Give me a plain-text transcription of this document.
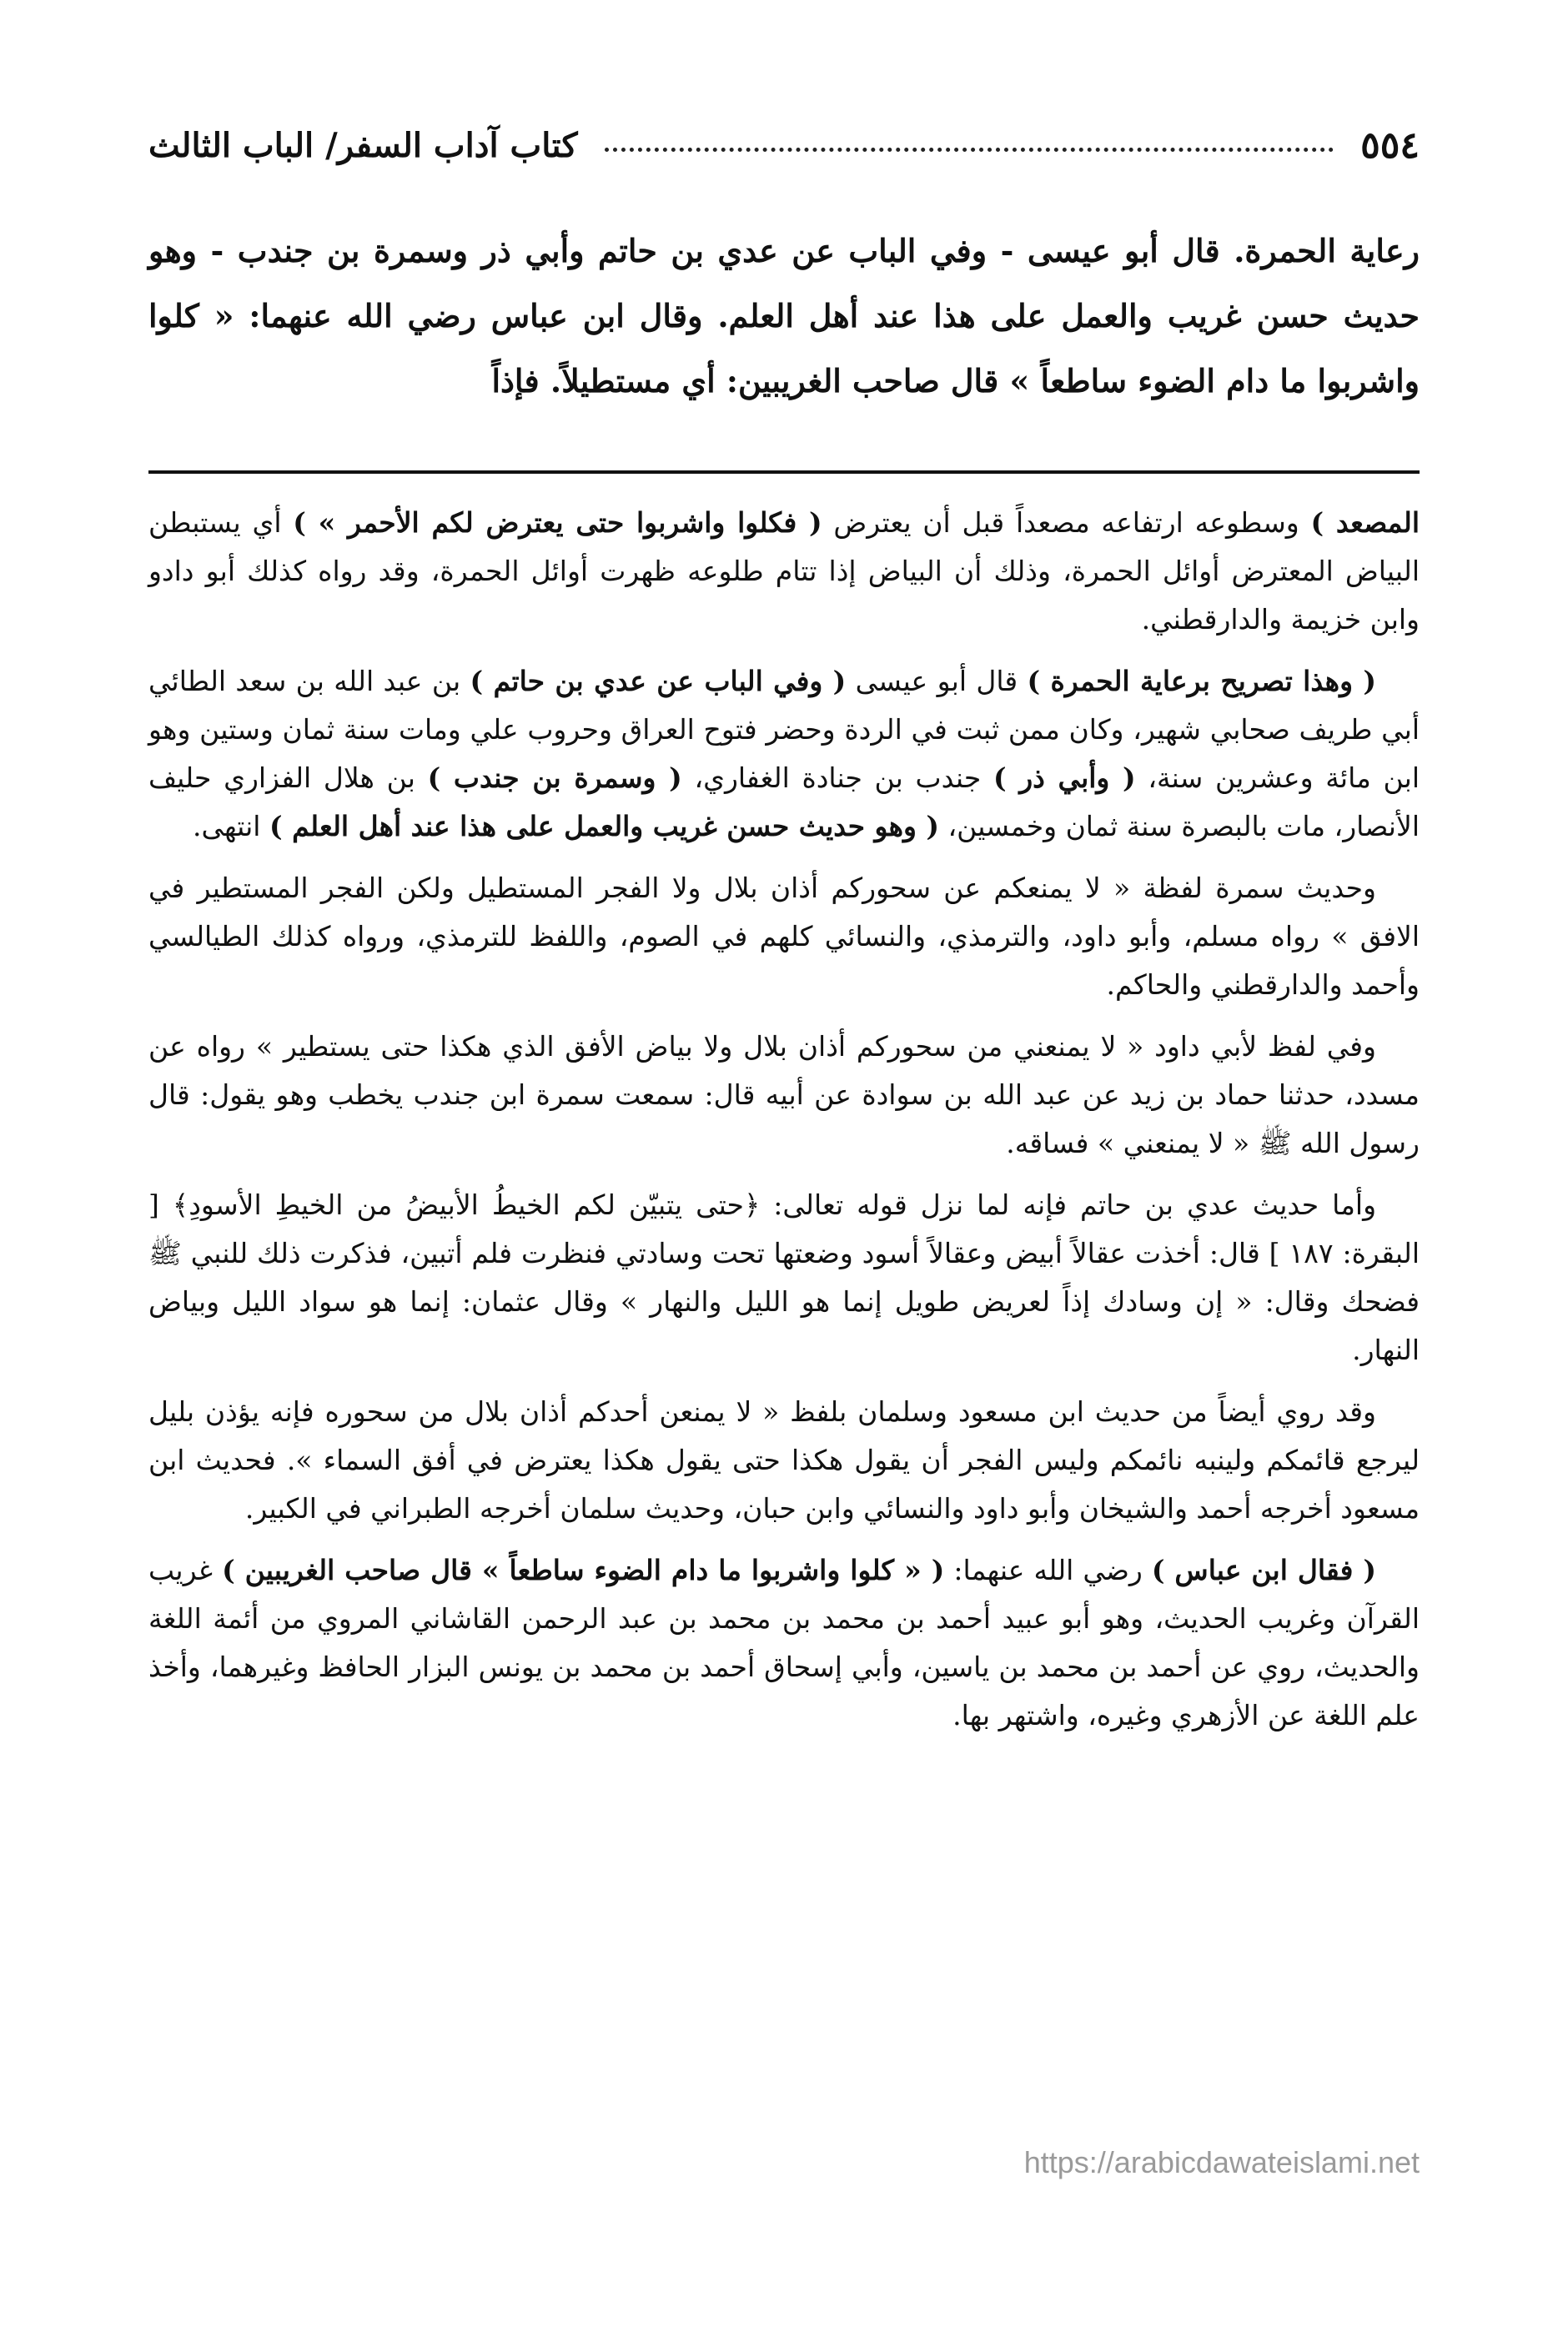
٥٥٤
كتاب آداب السفر/ الباب الثالث

رعاية الحمرة. قال أبو عيسى - وفي الباب عن عدي بن حاتم وأبي ذر وسمرة بن جندب - وهو حديث حسن غريب والعمل على هذا عند أهل العلم. وقال ابن عباس رضي الله عنهما: « كلوا واشربوا ما دام الضوء ساطعاً » قال صاحب الغريبين: أي مستطيلاً. فإذاً

المصعد ) وسطوعه ارتفاعه مصعداً قبل أن يعترض ( فكلوا واشربوا حتى يعترض لكم الأحمر » ) أي يستبطن البياض المعترض أوائل الحمرة، وذلك أن البياض إذا تتام طلوعه ظهرت أوائل الحمرة، وقد رواه كذلك أبو دادو وابن خزيمة والدارقطني.

( وهذا تصريح برعاية الحمرة ) قال أبو عيسى ( وفي الباب عن عدي بن حاتم ) بن عبد الله بن سعد الطائي أبي طريف صحابي شهير، وكان ممن ثبت في الردة وحضر فتوح العراق وحروب علي ومات سنة ثمان وستين وهو ابن مائة وعشرين سنة، ( وأبي ذر ) جندب بن جنادة الغفاري، ( وسمرة بن جندب ) بن هلال الفزاري حليف الأنصار، مات بالبصرة سنة ثمان وخمسين، ( وهو حديث حسن غريب والعمل على هذا عند أهل العلم ) انتهى.

وحديث سمرة لفظة « لا يمنعكم عن سحوركم أذان بلال ولا الفجر المستطيل ولكن الفجر المستطير في الافق » رواه مسلم، وأبو داود، والترمذي، والنسائي كلهم في الصوم، واللفظ للترمذي، ورواه كذلك الطيالسي وأحمد والدارقطني والحاكم.

وفي لفظ لأبي داود « لا يمنعني من سحوركم أذان بلال ولا بياض الأفق الذي هكذا حتى يستطير » رواه عن مسدد، حدثنا حماد بن زيد عن عبد الله بن سوادة عن أبيه قال: سمعت سمرة ابن جندب يخطب وهو يقول: قال رسول الله ﷺ « لا يمنعني » فساقه.

وأما حديث عدي بن حاتم فإنه لما نزل قوله تعالى: ﴿حتى يتبيّن لكم الخيطُ الأبيضُ من الخيطِ الأسودِ﴾ [ البقرة: ١٨٧ ] قال: أخذت عقالاً أبيض وعقالاً أسود وضعتها تحت وسادتي فنظرت فلم أتبين، فذكرت ذلك للنبي ﷺ فضحك وقال: « إن وسادك إذاً لعريض طويل إنما هو الليل والنهار » وقال عثمان: إنما هو سواد الليل وبياض النهار.

وقد روي أيضاً من حديث ابن مسعود وسلمان بلفظ « لا يمنعن أحدكم أذان بلال من سحوره فإنه يؤذن بليل ليرجع قائمكم ولينبه نائمكم وليس الفجر أن يقول هكذا حتى يقول هكذا يعترض في أفق السماء ». فحديث ابن مسعود أخرجه أحمد والشيخان وأبو داود والنسائي وابن حبان، وحديث سلمان أخرجه الطبراني في الكبير.

( فقال ابن عباس ) رضي الله عنهما: ( « كلوا واشربوا ما دام الضوء ساطعاً » قال صاحب الغريبين ) غريب القرآن وغريب الحديث، وهو أبو عبيد أحمد بن محمد بن محمد بن عبد الرحمن القاشاني المروي من أئمة اللغة والحديث، روي عن أحمد بن محمد بن ياسين، وأبي إسحاق أحمد بن محمد بن يونس البزار الحافظ وغيرهما، وأخذ علم اللغة عن الأزهري وغيره، واشتهر بها.

https://arabicdawateislami.net
